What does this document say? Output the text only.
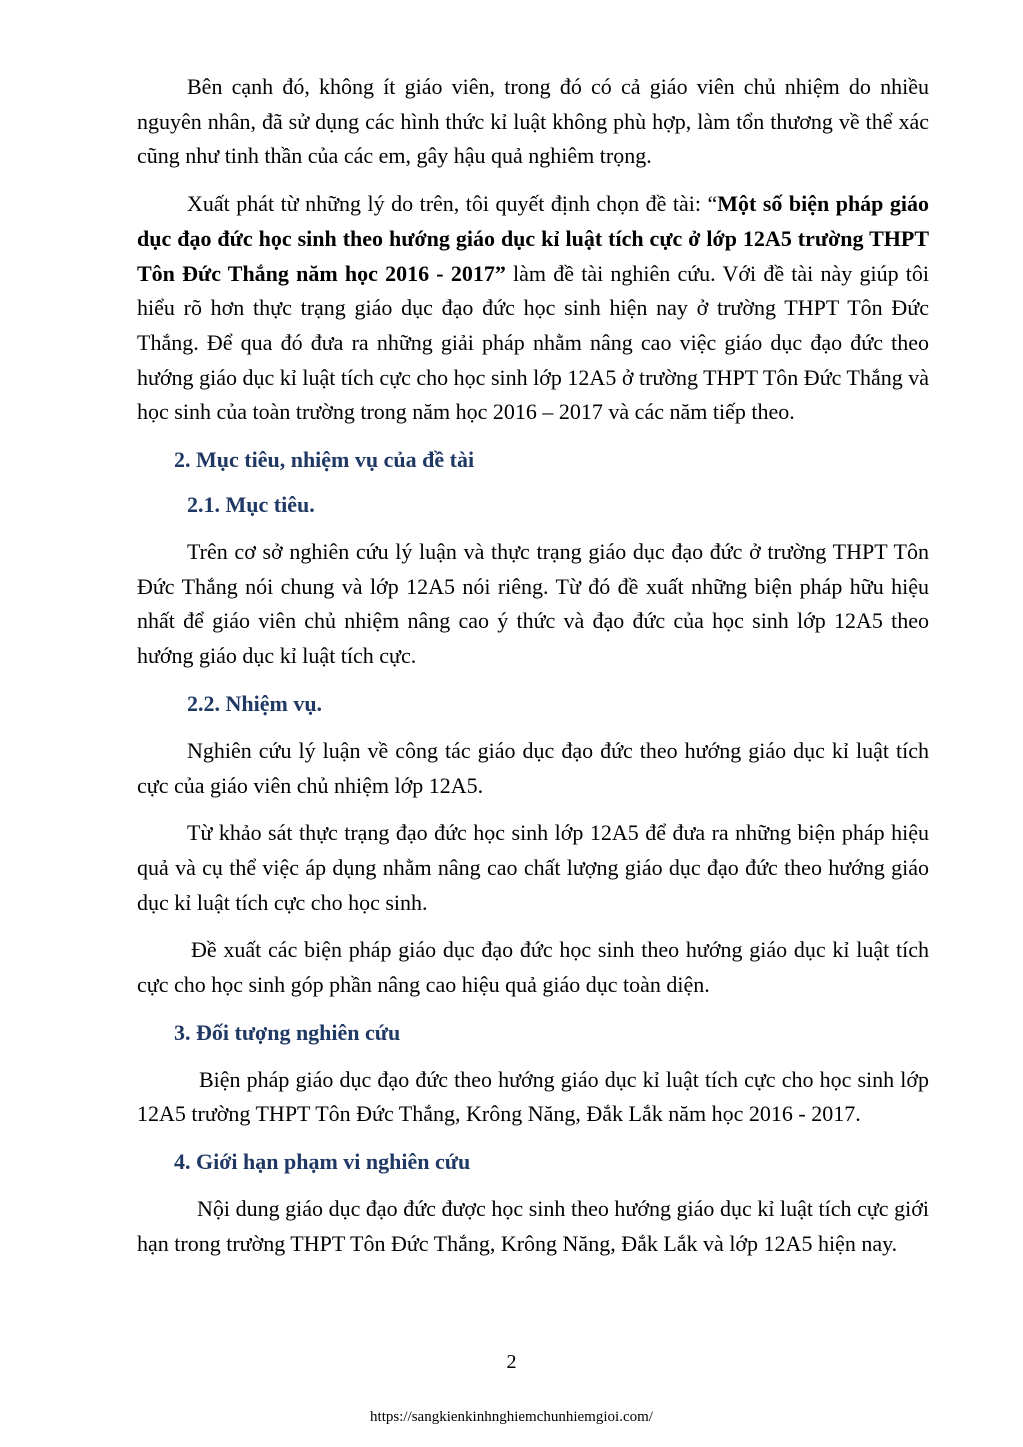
Bên cạnh đó, không ít giáo viên, trong đó có cả giáo viên chủ nhiệm do nhiều nguyên nhân, đã sử dụng các hình thức kỉ luật không phù hợp, làm tổn thương về thể xác cũng như tinh thần của các em, gây hậu quả nghiêm trọng.

Xuất phát từ những lý do trên, tôi quyết định chọn đề tài: “Một số biện pháp giáo dục đạo đức học sinh theo hướng giáo dục kỉ luật tích cực ở lớp 12A5 trường THPT Tôn Đức Thắng năm học 2016 - 2017” làm đề tài nghiên cứu. Với đề tài này giúp tôi hiểu rõ hơn thực trạng giáo dục đạo đức học sinh hiện nay ở trường THPT Tôn Đức Thắng. Để qua đó đưa ra những giải pháp nhằm nâng cao việc giáo dục đạo đức theo hướng giáo dục kỉ luật tích cực cho học sinh lớp 12A5 ở trường THPT Tôn Đức Thắng và học sinh của toàn trường trong năm học 2016 – 2017 và các năm tiếp theo.

2. Mục tiêu, nhiệm vụ của đề tài
2.1. Mục tiêu.

Trên cơ sở nghiên cứu lý luận và thực trạng giáo dục đạo đức ở trường THPT Tôn Đức Thắng nói chung và lớp 12A5 nói riêng. Từ đó đề xuất những biện pháp hữu hiệu nhất để giáo viên chủ nhiệm nâng cao ý thức và đạo đức của học sinh lớp 12A5 theo hướng giáo dục kỉ luật tích cực.

2.2. Nhiệm vụ.

Nghiên cứu lý luận về công tác giáo dục đạo đức theo hướng giáo dục kỉ luật tích cực của giáo viên chủ nhiệm lớp 12A5.

Từ khảo sát thực trạng đạo đức học sinh lớp 12A5 để đưa ra những biện pháp hiệu quả và cụ thể việc áp dụng nhằm nâng cao chất lượng giáo dục đạo đức theo hướng giáo dục kỉ luật tích cực cho học sinh.

Đề xuất các biện pháp giáo dục đạo đức học sinh theo hướng giáo dục kỉ luật tích cực cho học sinh góp phần nâng cao hiệu quả giáo dục toàn diện.

3. Đối tượng nghiên cứu

Biện pháp giáo dục đạo đức theo hướng giáo dục kỉ luật tích cực cho học sinh lớp 12A5 trường THPT Tôn Đức Thắng, Krông Năng, Đắk Lắk năm học 2016 - 2017.

4. Giới hạn phạm vi nghiên cứu

Nội dung giáo dục đạo đức được học sinh theo hướng giáo dục kỉ luật tích cực giới hạn trong trường THPT Tôn Đức Thắng, Krông Năng, Đắk Lắk và lớp 12A5 hiện nay.

2
https://sangkienkinhnghiemchunhiemgioi.com/
